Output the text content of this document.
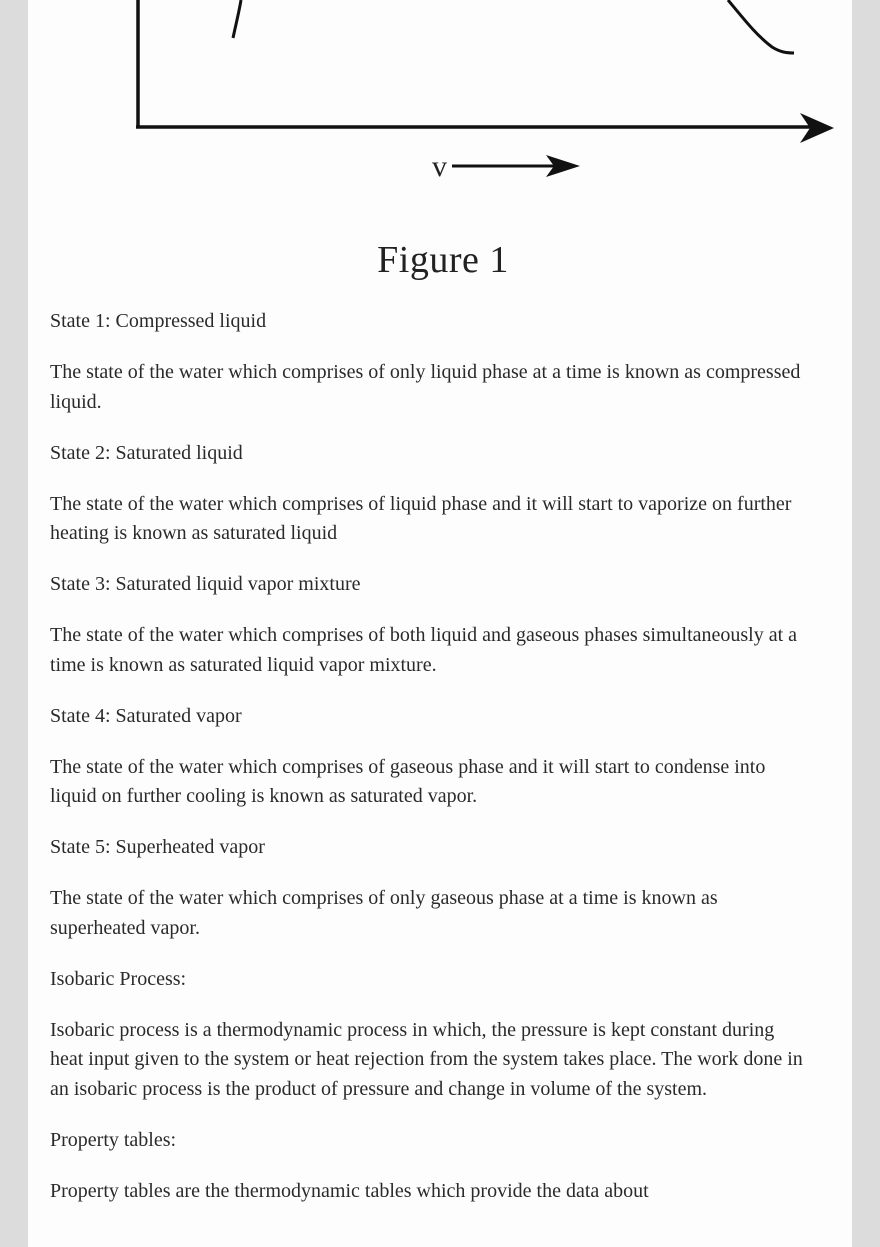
v
Figure 1
State 1: Compressed liquid
The state of the water which comprises of only liquid phase at a time is known as compressed liquid.
State 2: Saturated liquid
The state of the water which comprises of liquid phase and it will start to vaporize on further heating is known as saturated liquid
State 3: Saturated liquid vapor mixture
The state of the water which comprises of both liquid and gaseous phases simultaneously at a time is known as saturated liquid vapor mixture.
State 4: Saturated vapor
The state of the water which comprises of gaseous phase and it will start to condense into liquid on further cooling is known as saturated vapor.
State 5: Superheated vapor
The state of the water which comprises of only gaseous phase at a time is known as superheated vapor.
Isobaric Process:
Isobaric process is a thermodynamic process in which, the pressure is kept constant during heat input given to the system or heat rejection from the system takes place. The work done in an isobaric process is the product of pressure and change in volume of the system.
Property tables:
Property tables are the thermodynamic tables which provide the data about
